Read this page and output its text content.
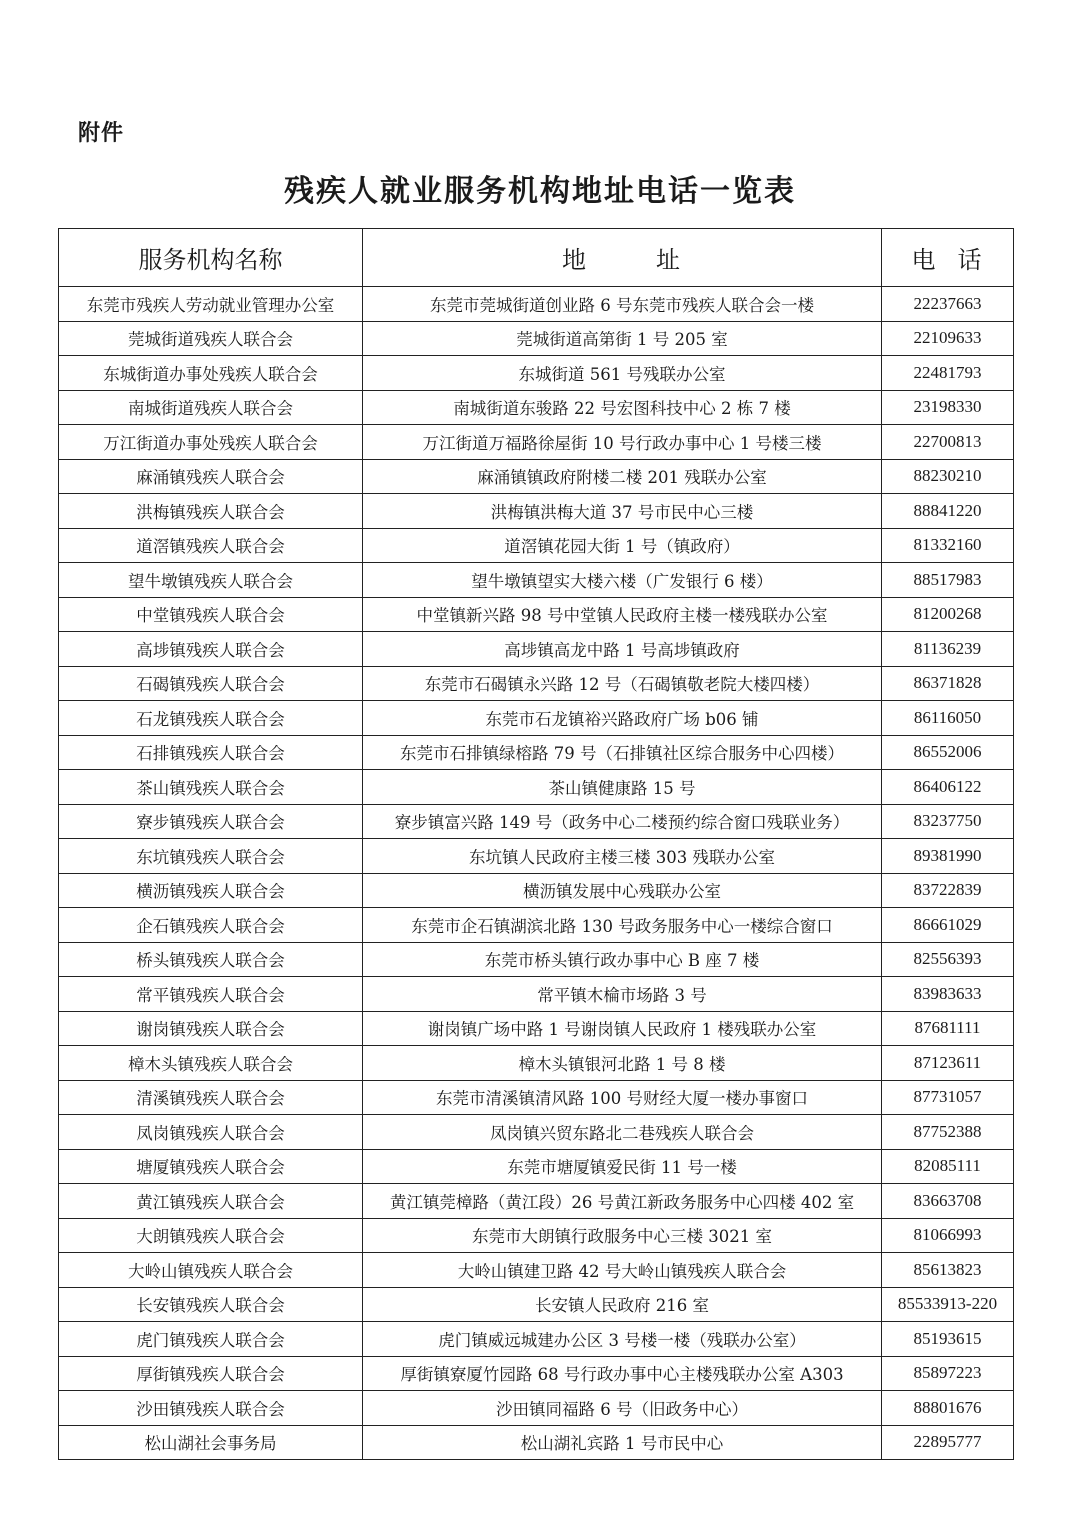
附件
残疾人就业服务机构地址电话一览表
服务机构名称	地址	电话
东莞市残疾人劳动就业管理办公室	东莞市莞城街道创业路 6 号东莞市残疾人联合会一楼	22237663
莞城街道残疾人联合会	莞城街道高第街 1 号 205 室	22109633
东城街道办事处残疾人联合会	东城街道 561 号残联办公室	22481793
南城街道残疾人联合会	南城街道东骏路 22 号宏图科技中心 2 栋 7 楼	23198330
万江街道办事处残疾人联合会	万江街道万福路徐屋街 10 号行政办事中心 1 号楼三楼	22700813
麻涌镇残疾人联合会	麻涌镇镇政府附楼二楼 201 残联办公室	88230210
洪梅镇残疾人联合会	洪梅镇洪梅大道 37 号市民中心三楼	88841220
道滘镇残疾人联合会	道滘镇花园大街 1 号（镇政府）	81332160
望牛墩镇残疾人联合会	望牛墩镇望实大楼六楼（广发银行 6 楼）	88517983
中堂镇残疾人联合会	中堂镇新兴路 98 号中堂镇人民政府主楼一楼残联办公室	81200268
高埗镇残疾人联合会	高埗镇高龙中路 1 号高埗镇政府	81136239
石碣镇残疾人联合会	东莞市石碣镇永兴路 12 号（石碣镇敬老院大楼四楼）	86371828
石龙镇残疾人联合会	东莞市石龙镇裕兴路政府广场 b06 铺	86116050
石排镇残疾人联合会	东莞市石排镇绿榕路 79 号（石排镇社区综合服务中心四楼）	86552006
茶山镇残疾人联合会	茶山镇健康路 15 号	86406122
寮步镇残疾人联合会	寮步镇富兴路 149 号（政务中心二楼预约综合窗口残联业务）	83237750
东坑镇残疾人联合会	东坑镇人民政府主楼三楼 303 残联办公室	89381990
横沥镇残疾人联合会	横沥镇发展中心残联办公室	83722839
企石镇残疾人联合会	东莞市企石镇湖滨北路 130 号政务服务中心一楼综合窗口	86661029
桥头镇残疾人联合会	东莞市桥头镇行政办事中心 B 座 7 楼	82556393
常平镇残疾人联合会	常平镇木棆市场路 3 号	83983633
谢岗镇残疾人联合会	谢岗镇广场中路 1 号谢岗镇人民政府 1 楼残联办公室	87681111
樟木头镇残疾人联合会	樟木头镇银河北路 1 号 8 楼	87123611
清溪镇残疾人联合会	东莞市清溪镇清风路 100 号财经大厦一楼办事窗口	87731057
凤岗镇残疾人联合会	凤岗镇兴贸东路北二巷残疾人联合会	87752388
塘厦镇残疾人联合会	东莞市塘厦镇爱民街 11 号一楼	82085111
黄江镇残疾人联合会	黄江镇莞樟路（黄江段）26 号黄江新政务服务中心四楼 402 室	83663708
大朗镇残疾人联合会	东莞市大朗镇行政服务中心三楼 3021 室	81066993
大岭山镇残疾人联合会	大岭山镇建卫路 42 号大岭山镇残疾人联合会	85613823
长安镇残疾人联合会	长安镇人民政府 216 室	85533913-220
虎门镇残疾人联合会	虎门镇威远城建办公区 3 号楼一楼（残联办公室）	85193615
厚街镇残疾人联合会	厚街镇寮厦竹园路 68 号行政办事中心主楼残联办公室 A303	85897223
沙田镇残疾人联合会	沙田镇同福路 6 号（旧政务中心）	88801676
松山湖社会事务局	松山湖礼宾路 1 号市民中心	22895777
